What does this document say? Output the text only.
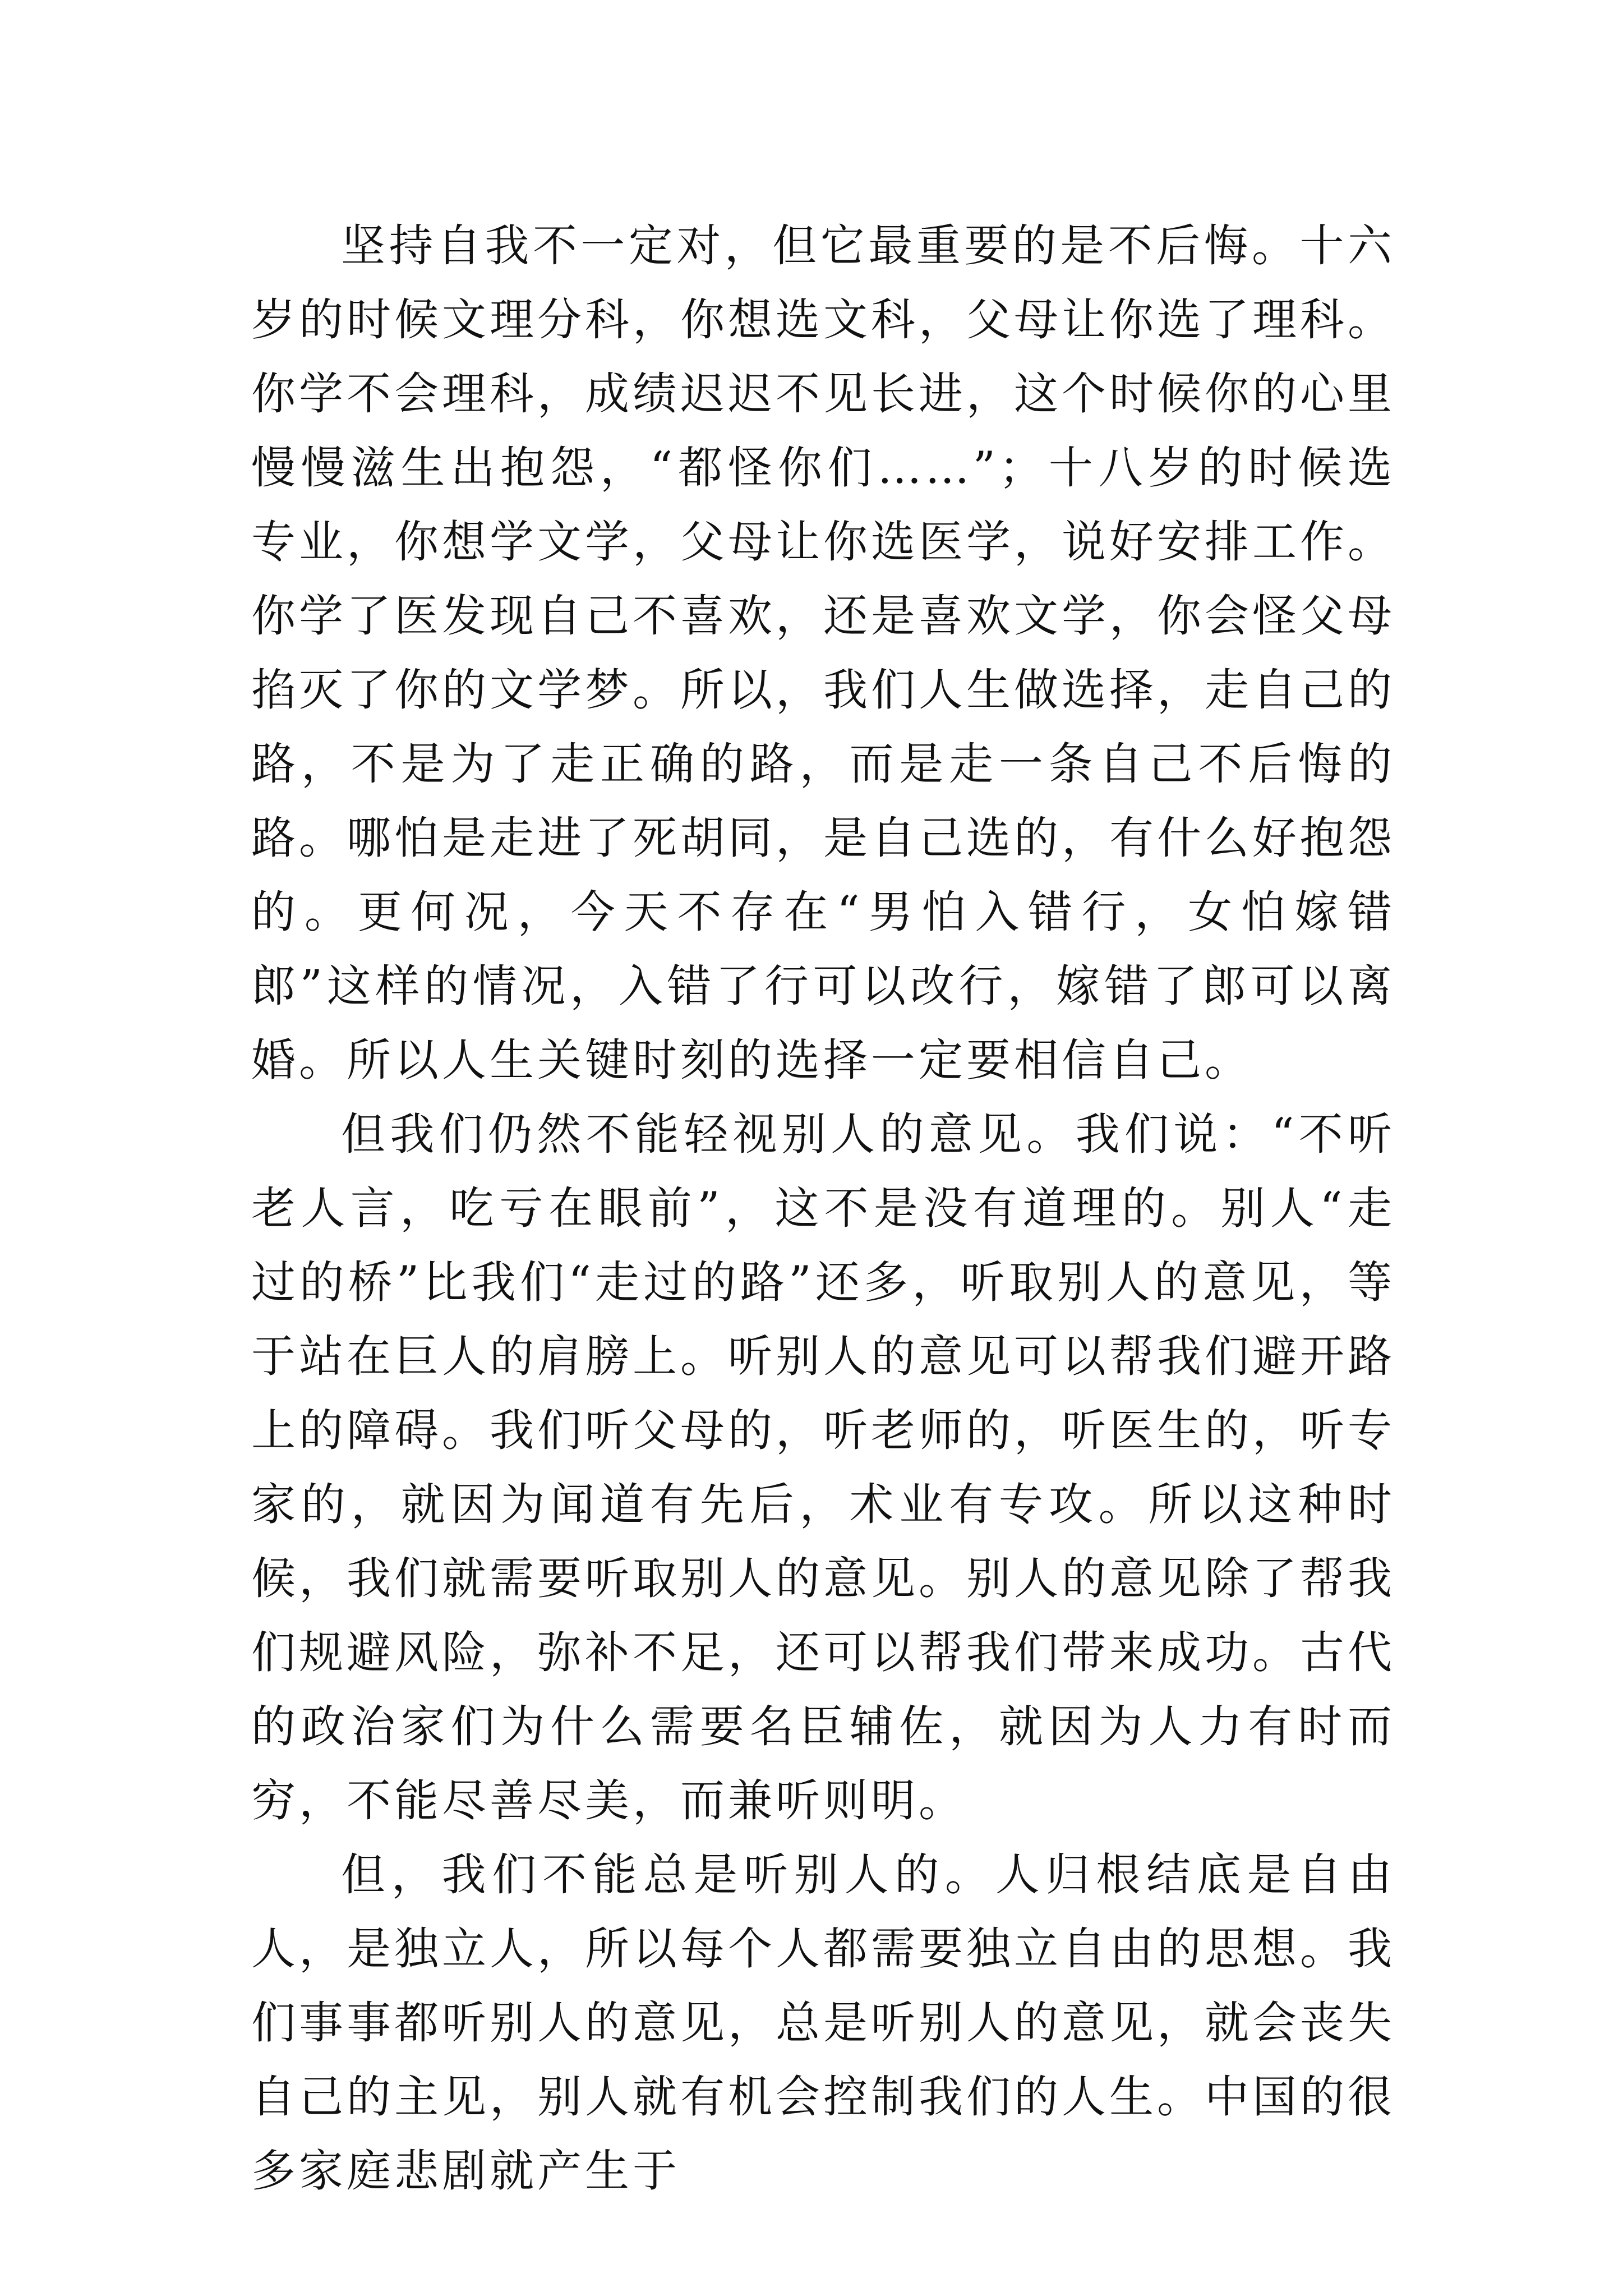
坚持自我不一定对，但它最重要的是不后悔。十六岁的时候文理分科，你想选文科，父母让你选了理科。你学不会理科，成绩迟迟不见长进，这个时候你的心里慢慢滋生出抱怨，“都怪你们……”；十八岁的时候选专业，你想学文学，父母让你选医学，说好安排工作。你学了医发现自己不喜欢，还是喜欢文学，你会怪父母掐灭了你的文学梦。所以，我们人生做选择，走自己的路，不是为了走正确的路，而是走一条自己不后悔的路。哪怕是走进了死胡同，是自己选的，有什么好抱怨的。更何况，今天不存在“男怕入错行，女怕嫁错郎”这样的情况，入错了行可以改行，嫁错了郎可以离婚。所以人生关键时刻的选择一定要相信自己。

但我们仍然不能轻视别人的意见。我们说：“不听老人言，吃亏在眼前”，这不是没有道理的。别人“走过的桥”比我们“走过的路”还多，听取别人的意见，等于站在巨人的肩膀上。听别人的意见可以帮我们避开路上的障碍。我们听父母的，听老师的，听医生的，听专家的，就因为闻道有先后，术业有专攻。所以这种时候，我们就需要听取别人的意见。别人的意见除了帮我们规避风险，弥补不足，还可以帮我们带来成功。古代的政治家们为什么需要名臣辅佐，就因为人力有时而穷，不能尽善尽美，而兼听则明。

但，我们不能总是听别人的。人归根结底是自由人，是独立人，所以每个人都需要独立自由的思想。我们事事都听别人的意见，总是听别人的意见，就会丧失自己的主见，别人就有机会控制我们的人生。中国的很多家庭悲剧就产生于
